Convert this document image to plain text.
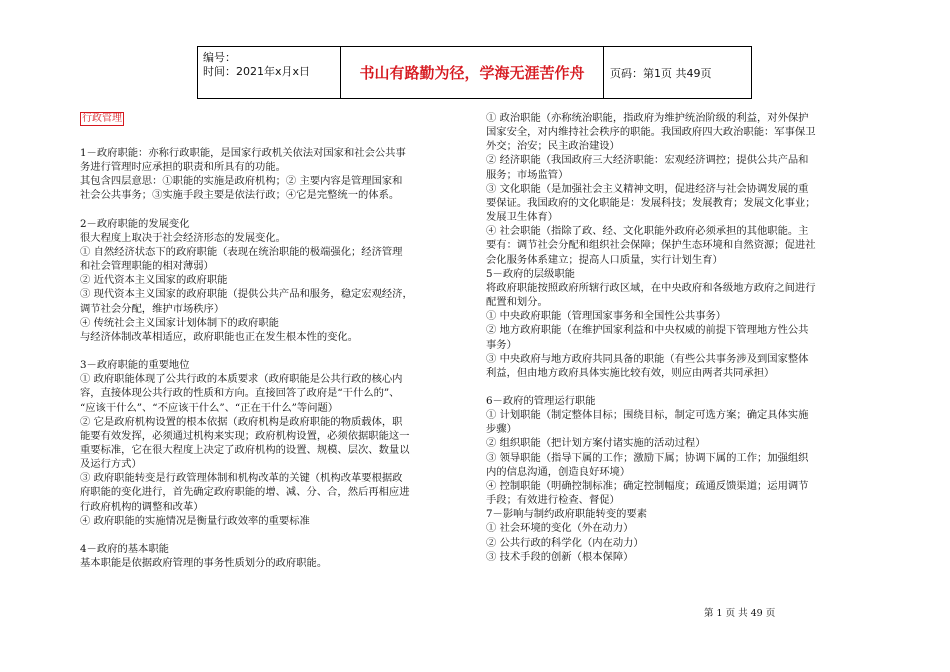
编号：
时间：2021年x月x日	书山有路勤为径，学海无涯苦作舟	页码：第1页 共49页
行政管理
1－政府职能：亦称行政职能，是国家行政机关依法对国家和社会公共事
务进行管理时应承担的职责和所具有的功能。
其包含四层意思：①职能的实施是政府机构；② 主要内容是管理国家和
社会公共事务；③实施手段主要是依法行政；④它是完整统一的体系。
2－政府职能的发展变化
很大程度上取决于社会经济形态的发展变化。
① 自然经济状态下的政府职能（表现在统治职能的极端强化；经济管理
和社会管理职能的相对薄弱）
② 近代资本主义国家的政府职能
③ 现代资本主义国家的政府职能（提供公共产品和服务，稳定宏观经济，
调节社会分配，维护市场秩序）
④ 传统社会主义国家计划体制下的政府职能
与经济体制改革相适应，政府职能也正在发生根本性的变化。
3－政府职能的重要地位
① 政府职能体现了公共行政的本质要求（政府职能是公共行政的核心内
容，直接体现公共行政的性质和方向。直接回答了政府是“干什么的”、
“应该干什么”、“不应该干什么”、“正在干什么”等问题）
② 它是政府机构设置的根本依据（政府机构是政府职能的物质载体，职
能要有效发挥，必须通过机构来实现；政府机构设置，必须依据职能这一
重要标准，它在很大程度上决定了政府机构的设置、规模、层次、数量以
及运行方式）
③ 政府职能转变是行政管理体制和机构改革的关键（机构改革要根据政
府职能的变化进行，首先确定政府职能的增、减、分、合，然后再相应进
行政府机构的调整和改革）
④ 政府职能的实施情况是衡量行政效率的重要标准
4－政府的基本职能
基本职能是依据政府管理的事务性质划分的政府职能。
① 政治职能（亦称统治职能，指政府为维护统治阶级的利益，对外保护
国家安全，对内维持社会秩序的职能。我国政府四大政治职能：军事保卫
外交；治安；民主政治建设）
② 经济职能（我国政府三大经济职能：宏观经济调控；提供公共产品和
服务；市场监管）
③ 文化职能（是加强社会主义精神文明，促进经济与社会协调发展的重
要保证。我国政府的文化职能是：发展科技；发展教育；发展文化事业；
发展卫生体育）
④ 社会职能（指除了政、经、文化职能外政府必须承担的其他职能。主
要有：调节社会分配和组织社会保障；保护生态环境和自然资源；促进社
会化服务体系建立；提高人口质量，实行计划生育）
5－政府的层级职能
将政府职能按照政府所辖行政区域，在中央政府和各级地方政府之间进行
配置和划分。
① 中央政府职能（管理国家事务和全国性公共事务）
② 地方政府职能（在维护国家利益和中央权威的前提下管理地方性公共
事务）
③ 中央政府与地方政府共同具备的职能（有些公共事务涉及到国家整体
利益，但由地方政府具体实施比较有效，则应由两者共同承担）
6－政府的管理运行职能
① 计划职能（制定整体目标；围绕目标，制定可选方案；确定具体实施
步骤）
② 组织职能（把计划方案付诸实施的活动过程）
③ 领导职能（指导下属的工作；激励下属；协调下属的工作；加强组织
内的信息沟通，创造良好环境）
④ 控制职能（明确控制标准；确定控制幅度；疏通反馈渠道；运用调节
手段；有效进行检查、督促）
7－影响与制约政府职能转变的要素
① 社会环境的变化（外在动力）
② 公共行政的科学化（内在动力）
③ 技术手段的创新（根本保障）
第 1 页 共 49 页
